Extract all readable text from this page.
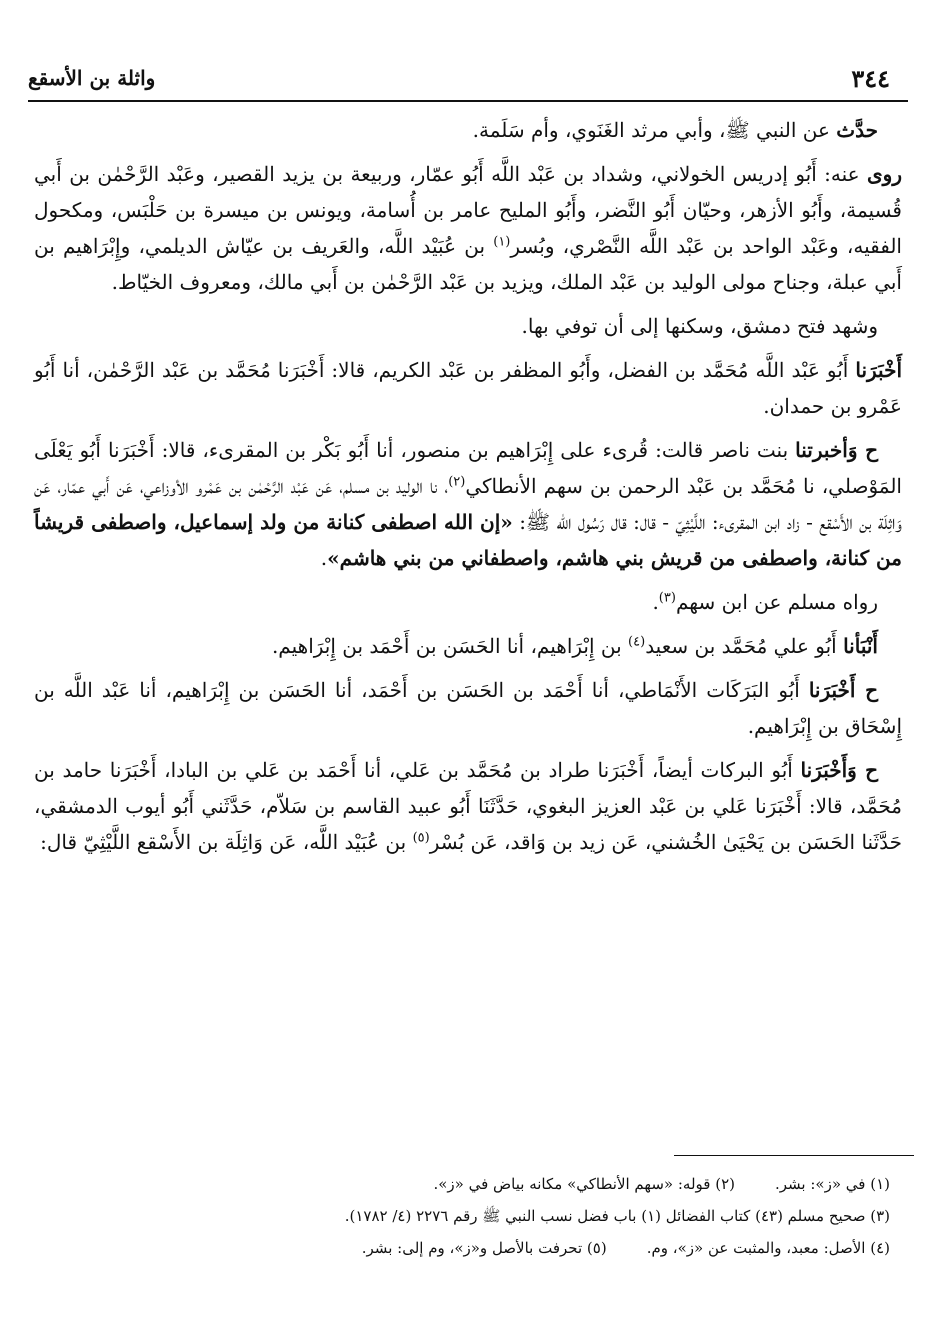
٣٤٤
واثلة بن الأسقع

حدَّث عن النبي ﷺ، وأبي مرثد الغَنَوي، وأم سَلَمة.

روى عنه: أَبُو إدريس الخولاني، وشداد بن عَبْد اللَّه أَبُو عمّار، وربيعة بن يزيد القصير، وعَبْد الرَّحْمٰن بن أَبي قُسيمة، وأَبُو الأزهر، وحيّان أَبُو النَّضر، وأَبُو المليح عامر بن أُسامة، ويونس بن ميسرة بن حَلْبَس، ومكحول الفقيه، وعَبْد الواحد بن عَبْد اللَّه النَّصْري، وبُسر$^{(١)}$ بن عُبَيْد اللَّه، والعَريف بن عيّاش الديلمي، وإِبْرَاهيم بن أَبي عبلة، وجناح مولى الوليد بن عَبْد الملك، ويزيد بن عَبْد الرَّحْمٰن بن أَبي مالك، ومعروف الخيّاط.

وشهد فتح دمشق، وسكنها إلى أن توفي بها.

أَخْبَرَنا أَبُو عَبْد اللَّه مُحَمَّد بن الفضل، وأَبُو المظفر بن عَبْد الكريم، قالا: أَخْبَرَنا مُحَمَّد بن عَبْد الرَّحْمٰن، أنا أَبُو عَمْرو بن حمدان.

ح وَأخبرتنا بنت ناصر قالت: قُرىء على إِبْرَاهيم بن منصور، أنا أَبُو بَكْر بن المقرىء، قالا: أَخْبَرَنا أَبُو يَعْلَى المَوْصلي، نا مُحَمَّد بن عَبْد الرحمن بن سهم الأنطاكي$^{(٢)}$، نا الوليد بن مسلم، عَن عَبْد الرَّحْمٰن بن عَمْرو الأوزاعي، عَن أَبي عمّار، عَن وَاثِلَة بن الأَسْقع - زاد ابن المقرىء: اللَّيْثِيّ - قال: قال رَسُول الله ﷺ: «إن الله اصطفى كنانة من ولد إسماعيل، واصطفى قريشاً من كنانة، واصطفى من قريش بني هاشم، واصطفاني من بني هاشم».

رواه مسلم عن ابن سهم$^{(٣)}$.

أَنْبَأنا أَبُو علي مُحَمَّد بن سعيد$^{(٤)}$ بن إِبْرَاهيم، أنا الحَسَن بن أَحْمَد بن إِبْرَاهيم.

ح أَخْبَرَنا أَبُو البَرَكَات الأَنْمَاطي، أنا أَحْمَد بن الحَسَن بن أَحْمَد، أنا الحَسَن بن إِبْرَاهيم، أنا عَبْد اللَّه بن إِسْحَاق بن إِبْرَاهيم.

ح وَأَخْبَرَنا أَبُو البركات أيضاً، أَخْبَرَنا طراد بن مُحَمَّد بن عَلي، أنا أَحْمَد بن عَلي بن البادا، أَخْبَرَنا حامد بن مُحَمَّد، قالا: أَخْبَرَنا عَلي بن عَبْد العزيز البغوي، حَدَّثَنَا أَبُو عبيد القاسم بن سَلاّم، حَدَّثَني أَبُو أيوب الدمشقي، حَدَّثَنا الحَسَن بن يَحْيَىٰ الخُشني، عَن زيد بن وَاقد، عَن بُسْر$^{(٥)}$ بن عُبَيْد اللَّه، عَن وَاثِلَة بن الأَسْقع اللَّيْثِيّ قال:

(١) في «ز»: بشر.
(٢) قوله: «سهم الأنطاكي» مكانه بياض في «ز».
(٣) صحيح مسلم (٤٣) كتاب الفضائل (١) باب فضل نسب النبي ﷺ رقم ٢٢٧٦ (٤/ ١٧٨٢).
(٤) الأصل: معبد، والمثبت عن «ز»، وم.
(٥) تحرفت بالأصل و«ز»، وم إلى: بشر.
